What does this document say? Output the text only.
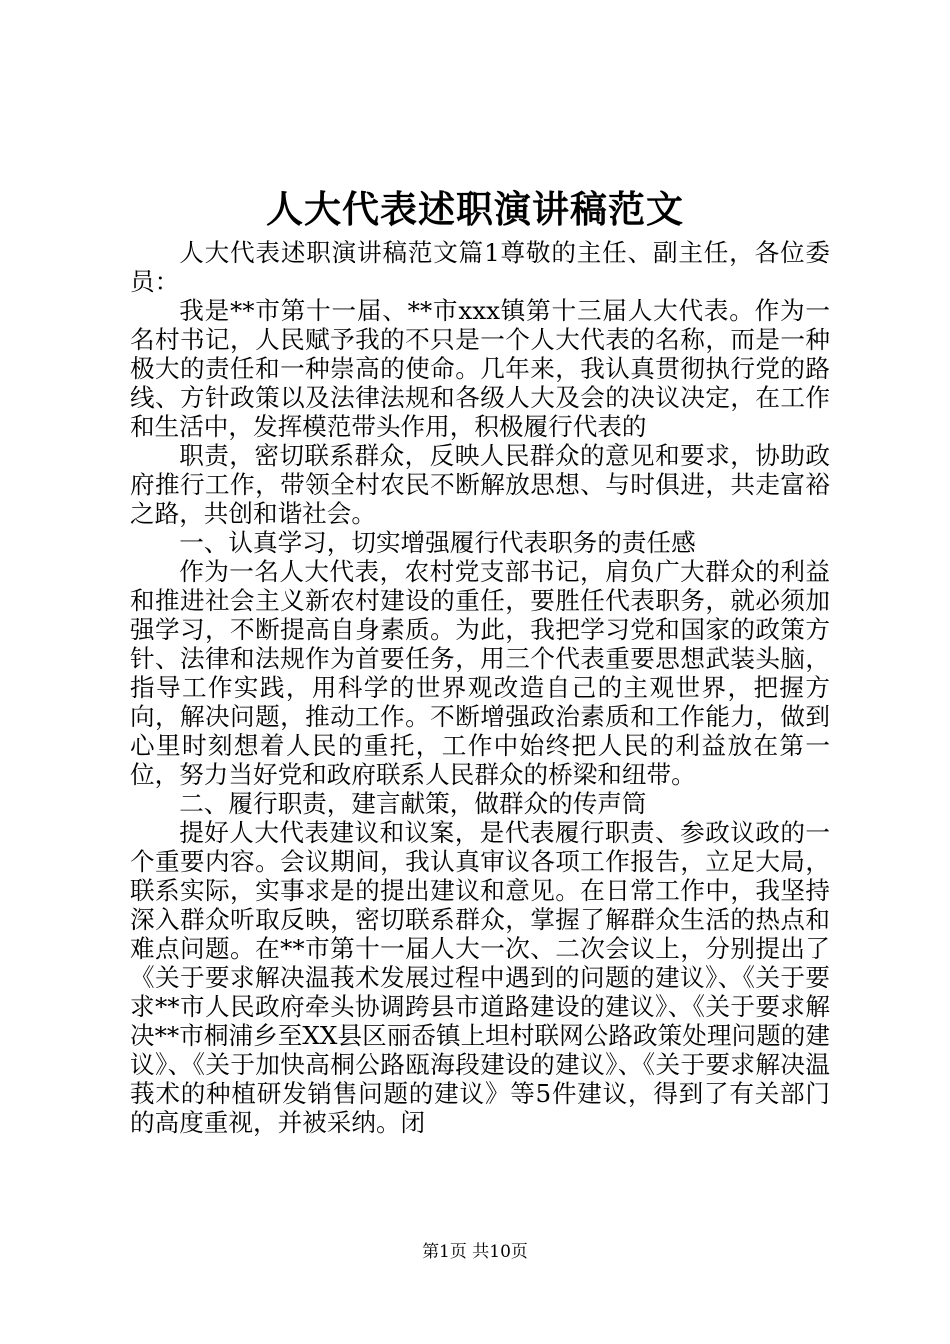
人大代表述职演讲稿范文

人大代表述职演讲稿范文篇1尊敬的主任、副主任，各位委员：

我是**市第十一届、**市xxx镇第十三届人大代表。作为一名村书记，人民赋予我的不只是一个人大代表的名称，而是一种极大的责任和一种崇高的使命。几年来，我认真贯彻执行党的路线、方针政策以及法律法规和各级人大及会的决议决定，在工作和生活中，发挥模范带头作用，积极履行代表的

职责，密切联系群众，反映人民群众的意见和要求，协助政府推行工作，带领全村农民不断解放思想、与时俱进，共走富裕之路，共创和谐社会。

一、认真学习，切实增强履行代表职务的责任感

作为一名人大代表，农村党支部书记，肩负广大群众的利益和推进社会主义新农村建设的重任，要胜任代表职务，就必须加强学习，不断提高自身素质。为此，我把学习党和国家的政策方针、法律和法规作为首要任务，用三个代表重要思想武装头脑，指导工作实践，用科学的世界观改造自己的主观世界，把握方向，解决问题，推动工作。不断增强政治素质和工作能力，做到心里时刻想着人民的重托，工作中始终把人民的利益放在第一位，努力当好党和政府联系人民群众的桥梁和纽带。

二、履行职责，建言献策，做群众的传声筒

提好人大代表建议和议案，是代表履行职责、参政议政的一个重要内容。会议期间，我认真审议各项工作报告，立足大局，联系实际，实事求是的提出建议和意见。在日常工作中，我坚持深入群众听取反映，密切联系群众，掌握了解群众生活的热点和难点问题。在**市第十一届人大一次、二次会议上，分别提出了《关于要求解决温莪术发展过程中遇到的问题的建议》、《关于要求**市人民政府牵头协调跨县市道路建设的建议》、《关于要求解决**市桐浦乡至XX县区丽岙镇上坦村联网公路政策处理问题的建议》、《关于加快高桐公路瓯海段建设的建议》、《关于要求解决温莪术的种植研发销售问题的建议》等5件建议，得到了有关部门的高度重视，并被采纳。闭

第1页 共10页
